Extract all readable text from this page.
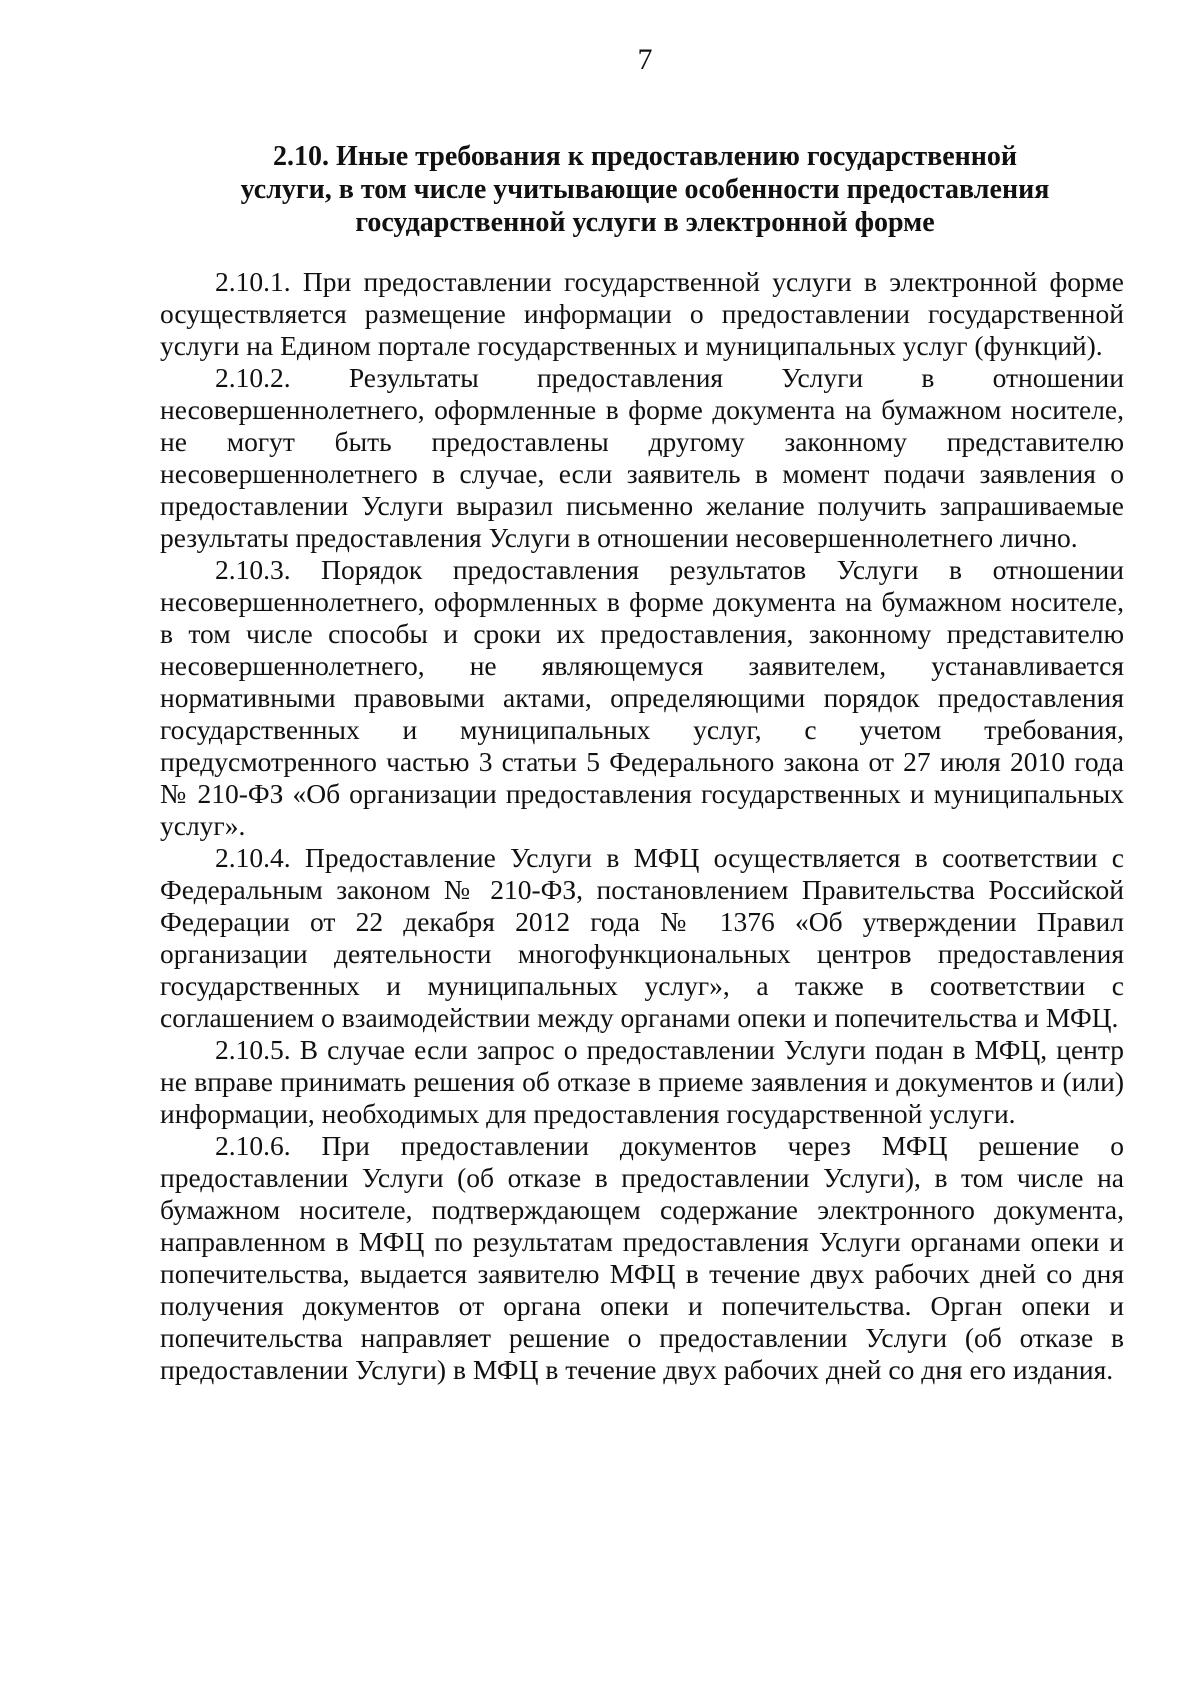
7
2.10. Иные требования к предоставлению государственной
услуги, в том числе учитывающие особенности предоставления
государственной услуги в электронной форме

2.10.1. При предоставлении государственной услуги в электронной форме осуществляется размещение информации о предоставлении государственной услуги на Едином портале государственных и муниципальных услуг (функций).

2.10.2. Результаты предоставления Услуги в отношении несовершеннолетнего, оформленные в форме документа на бумажном носителе, не могут быть предоставлены другому законному представителю несовершеннолетнего в случае, если заявитель в момент подачи заявления о предоставлении Услуги выразил письменно желание получить запрашиваемые результаты предоставления Услуги в отношении несовершеннолетнего лично.

2.10.3. Порядок предоставления результатов Услуги в отношении несовершеннолетнего, оформленных в форме документа на бумажном носителе, в том числе способы и сроки их предоставления, законному представителю несовершеннолетнего, не являющемуся заявителем, устанавливается нормативными правовыми актами, определяющими порядок предоставления государственных и муниципальных услуг, с учетом требования, предусмотренного частью 3 статьи 5 Федерального закона от 27 июля 2010 года № 210-ФЗ «Об организации предоставления государственных и муниципальных услуг».

2.10.4. Предоставление Услуги в МФЦ осуществляется в соответствии с Федеральным законом № 210-ФЗ, постановлением Правительства Российской Федерации от 22 декабря 2012 года № 1376 «Об утверждении Правил организации деятельности многофункциональных центров предоставления государственных и муниципальных услуг», а также в соответствии с соглашением о взаимодействии между органами опеки и попечительства и МФЦ.

2.10.5. В случае если запрос о предоставлении Услуги подан в МФЦ, центр не вправе принимать решения об отказе в приеме заявления и документов и (или) информации, необходимых для предоставления государственной услуги.

2.10.6. При предоставлении документов через МФЦ решение о предоставлении Услуги (об отказе в предоставлении Услуги), в том числе на бумажном носителе, подтверждающем содержание электронного документа, направленном в МФЦ по результатам предоставления Услуги органами опеки и попечительства, выдается заявителю МФЦ в течение двух рабочих дней со дня получения документов от органа опеки и попечительства. Орган опеки и попечительства направляет решение о предоставлении Услуги (об отказе в предоставлении Услуги) в МФЦ в течение двух рабочих дней со дня его издания.
